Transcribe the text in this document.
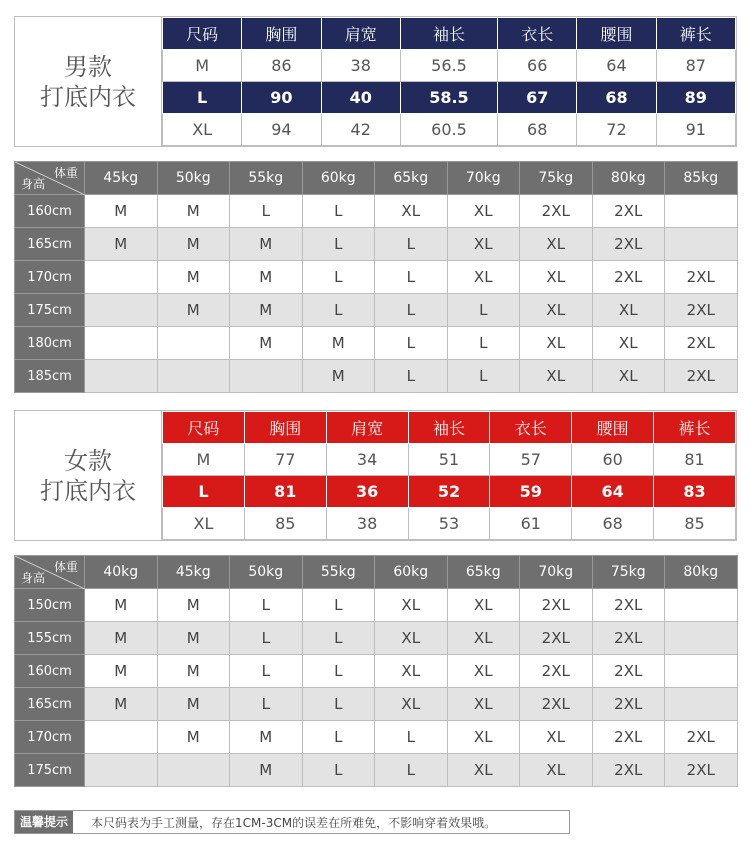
男款
打底内衣
尺码	胸围	肩宽	袖长	衣长	腰围	裤长
M	86	38	56.5	66	64	87
L	90	40	58.5	67	68	89
XL	94	42	60.5	68	72	91
体重
身高	45kg	50kg	55kg	60kg	65kg	70kg	75kg	80kg	85kg
160cm	M	M	L	L	XL	XL	2XL	2XL	
165cm	M	M	M	L	L	XL	XL	2XL	
170cm		M	M	L	L	XL	XL	2XL	2XL
175cm		M	M	L	L	L	XL	XL	2XL
180cm			M	M	L	L	XL	XL	2XL
185cm				M	L	L	XL	XL	2XL
女款
打底内衣
尺码	胸围	肩宽	袖长	衣长	腰围	裤长
M	77	34	51	57	60	81
L	81	36	52	59	64	83
XL	85	38	53	61	68	85
体重
身高	40kg	45kg	50kg	55kg	60kg	65kg	70kg	75kg	80kg
150cm	M	M	L	L	XL	XL	2XL	2XL	
155cm	M	M	L	L	XL	XL	2XL	2XL	
160cm	M	M	L	L	XL	XL	2XL	2XL	
165cm	M	M	L	L	XL	XL	2XL	2XL	
170cm		M	M	L	L	XL	XL	2XL	2XL
175cm			M	L	L	XL	XL	2XL	2XL
温馨提示	本尺码表为手工测量，存在1CM-3CM的误差在所难免，不影响穿着效果哦。
